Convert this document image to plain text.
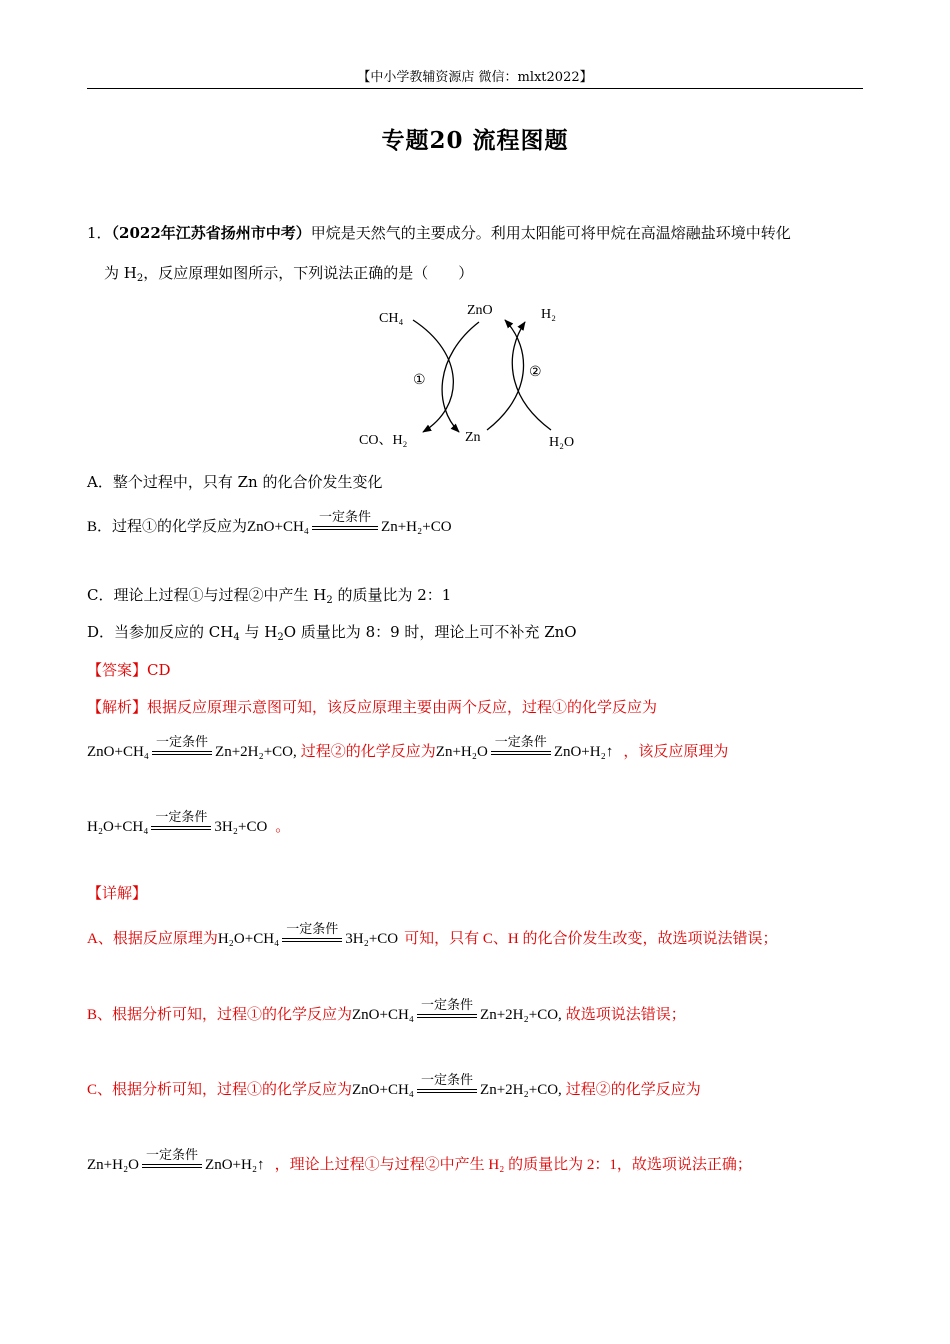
【中小学教辅资源店 微信：mlxt2022】
专题20 流程图题
1．（2022年江苏省扬州市中考）甲烷是天然气的主要成分。利用太阳能可将甲烷在高温熔融盐环境中转化
为 $H_2$，反应原理如图所示，下列说法正确的是（　　）
CH₄
ZnO	H₂
①
②
CO、H₂	Zn	H₂O
A．整个过程中，只有 Zn 的化合价发生变化
B．过程①的化学反应为 ZnO+CH₄
一定条件
Zn+H₂+CO
C．理论上过程①与过程②中产生 $H_2$ 的质量比为 2：1
D．当参加反应的 $CH_4$ 与 $H_2O$ 质量比为 8：9 时，理论上可不补充 ZnO
【答案】CD
【解析】根据反应原理示意图可知，该反应原理主要由两个反应，过程①的化学反应为
ZnO+CH₄
一定条件
Zn+2H₂+CO, 过程②的化学反应为 Zn+H₂O
一定条件
ZnO+H₂↑ ，该反应原理为
H₂O+CH₄
一定条件
3H₂+CO 。
【详解】
A、根据反应原理为 H₂O+CH₄
一定条件
3H₂+CO 可知，只有 C、H 的化合价发生改变，故选项说法错误；
B、根据分析可知，过程①的化学反应为 ZnO+CH₄
一定条件
Zn+2H₂+CO, 故选项说法错误；
C、根据分析可知，过程①的化学反应为 ZnO+CH₄
一定条件
Zn+2H₂+CO, 过程②的化学反应为
Zn+H₂O
一定条件
ZnO+H₂↑ ，理论上过程①与过程②中产生 H₂ 的质量比为 2：1，故选项说法正确；
